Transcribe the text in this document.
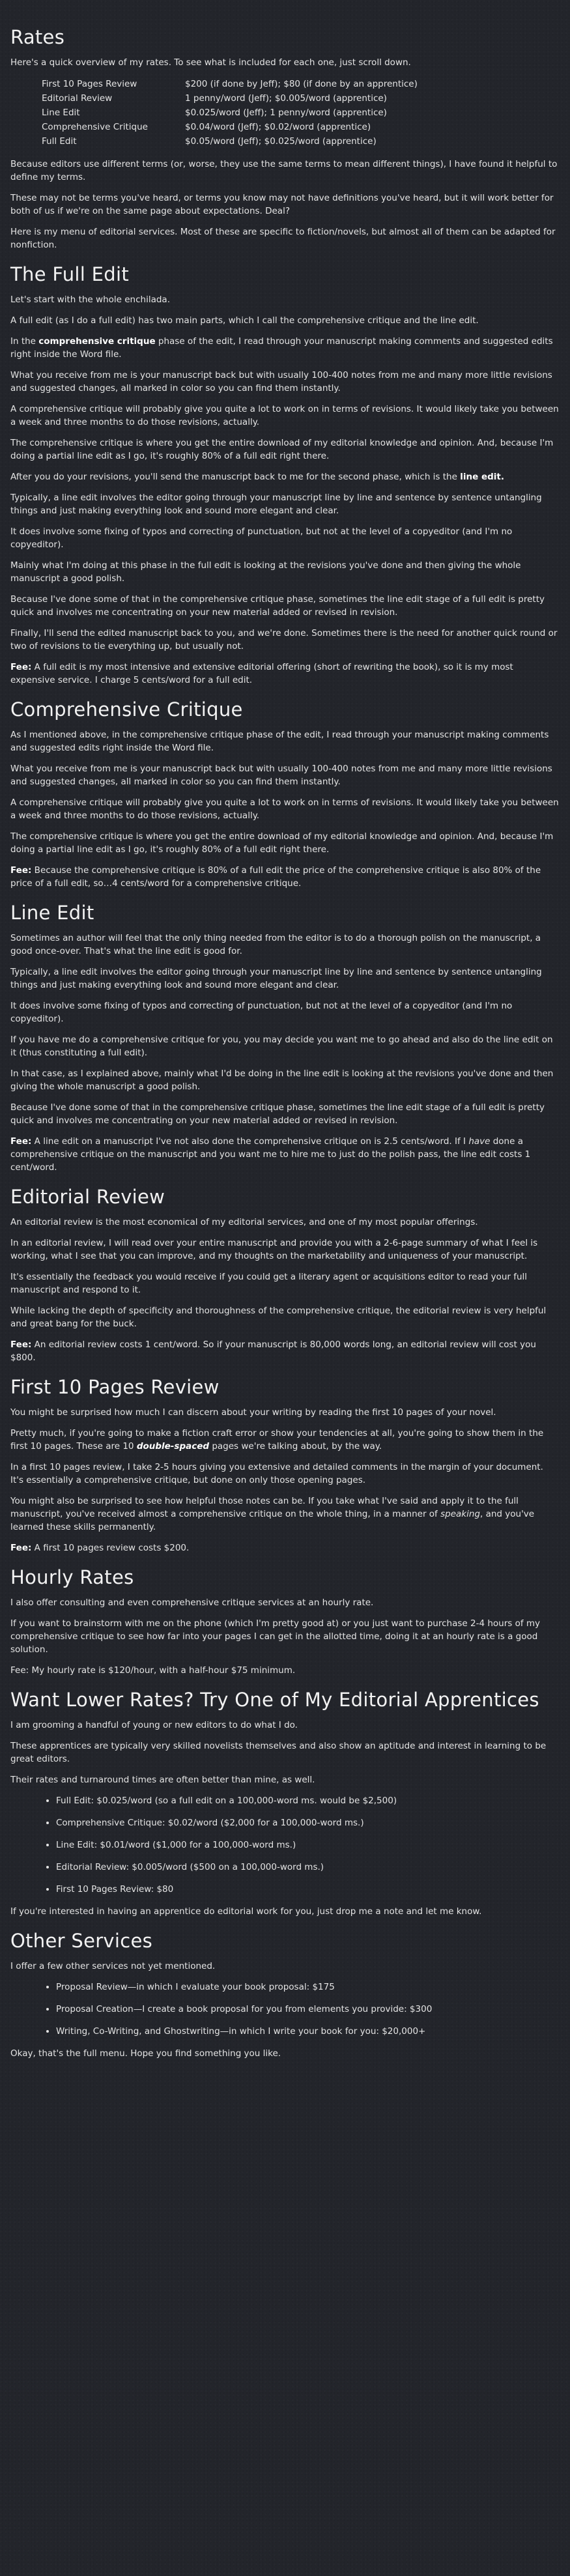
Rates

Here's a quick overview of my rates. To see what is included for each one, just scroll down.

First 10 Pages Review	$200 (if done by Jeff); $80 (if done by an apprentice)
Editorial Review	1 penny/word (Jeff); $0.005/word (apprentice)
Line Edit	$0.025/word (Jeff); 1 penny/word (apprentice)
Comprehensive Critique	$0.04/word (Jeff); $0.02/word (apprentice)
Full Edit	$0.05/word (Jeff); $0.025/word (apprentice)

Because editors use different terms (or, worse, they use the same terms to mean different things), I have found it helpful to define my terms.

These may not be terms you've heard, or terms you know may not have definitions you've heard, but it will work better for both of us if we're on the same page about expectations. Deal?

Here is my menu of editorial services. Most of these are specific to fiction/novels, but almost all of them can be adapted for nonfiction.

The Full Edit

Let's start with the whole enchilada.

A full edit (as I do a full edit) has two main parts, which I call the comprehensive critique and the line edit.

In the comprehensive critique phase of the edit, I read through your manuscript making comments and suggested edits right inside the Word file.

What you receive from me is your manuscript back but with usually 100-400 notes from me and many more little revisions and suggested changes, all marked in color so you can find them instantly.

A comprehensive critique will probably give you quite a lot to work on in terms of revisions. It would likely take you between a week and three months to do those revisions, actually.

The comprehensive critique is where you get the entire download of my editorial knowledge and opinion. And, because I'm doing a partial line edit as I go, it's roughly 80% of a full edit right there.

After you do your revisions, you'll send the manuscript back to me for the second phase, which is the line edit.

Typically, a line edit involves the editor going through your manuscript line by line and sentence by sentence untangling things and just making everything look and sound more elegant and clear.

It does involve some fixing of typos and correcting of punctuation, but not at the level of a copyeditor (and I'm no copyeditor).

Mainly what I'm doing at this phase in the full edit is looking at the revisions you've done and then giving the whole manuscript a good polish.

Because I've done some of that in the comprehensive critique phase, sometimes the line edit stage of a full edit is pretty quick and involves me concentrating on your new material added or revised in revision.

Finally, I'll send the edited manuscript back to you, and we're done. Sometimes there is the need for another quick round or two of revisions to tie everything up, but usually not.

Fee: A full edit is my most intensive and extensive editorial offering (short of rewriting the book), so it is my most expensive service. I charge 5 cents/word for a full edit.

Comprehensive Critique

As I mentioned above, in the comprehensive critique phase of the edit, I read through your manuscript making comments and suggested edits right inside the Word file.

What you receive from me is your manuscript back but with usually 100-400 notes from me and many more little revisions and suggested changes, all marked in color so you can find them instantly.

A comprehensive critique will probably give you quite a lot to work on in terms of revisions. It would likely take you between a week and three months to do those revisions, actually.

The comprehensive critique is where you get the entire download of my editorial knowledge and opinion. And, because I'm doing a partial line edit as I go, it's roughly 80% of a full edit right there.

Fee: Because the comprehensive critique is 80% of a full edit the price of the comprehensive critique is also 80% of the price of a full edit, so…4 cents/word for a comprehensive critique.

Line Edit

Sometimes an author will feel that the only thing needed from the editor is to do a thorough polish on the manuscript, a good once-over. That's what the line edit is good for.

Typically, a line edit involves the editor going through your manuscript line by line and sentence by sentence untangling things and just making everything look and sound more elegant and clear.

It does involve some fixing of typos and correcting of punctuation, but not at the level of a copyeditor (and I'm no copyeditor).

If you have me do a comprehensive critique for you, you may decide you want me to go ahead and also do the line edit on it (thus constituting a full edit).

In that case, as I explained above, mainly what I'd be doing in the line edit is looking at the revisions you've done and then giving the whole manuscript a good polish.

Because I've done some of that in the comprehensive critique phase, sometimes the line edit stage of a full edit is pretty quick and involves me concentrating on your new material added or revised in revision.

Fee: A line edit on a manuscript I've not also done the comprehensive critique on is 2.5 cents/word. If I have done a comprehensive critique on the manuscript and you want me to hire me to just do the polish pass, the line edit costs 1 cent/word.

Editorial Review

An editorial review is the most economical of my editorial services, and one of my most popular offerings.

In an editorial review, I will read over your entire manuscript and provide you with a 2-6-page summary of what I feel is working, what I see that you can improve, and my thoughts on the marketability and uniqueness of your manuscript.

It's essentially the feedback you would receive if you could get a literary agent or acquisitions editor to read your full manuscript and respond to it.

While lacking the depth of specificity and thoroughness of the comprehensive critique, the editorial review is very helpful and great bang for the buck.

Fee: An editorial review costs 1 cent/word. So if your manuscript is 80,000 words long, an editorial review will cost you $800.

First 10 Pages Review

You might be surprised how much I can discern about your writing by reading the first 10 pages of your novel.

Pretty much, if you're going to make a fiction craft error or show your tendencies at all, you're going to show them in the first 10 pages. These are 10 double-spaced pages we're talking about, by the way.

In a first 10 pages review, I take 2-5 hours giving you extensive and detailed comments in the margin of your document. It's essentially a comprehensive critique, but done on only those opening pages.

You might also be surprised to see how helpful those notes can be. If you take what I've said and apply it to the full manuscript, you've received almost a comprehensive critique on the whole thing, in a manner of speaking, and you've learned these skills permanently.

Fee: A first 10 pages review costs $200.

Hourly Rates

I also offer consulting and even comprehensive critique services at an hourly rate.

If you want to brainstorm with me on the phone (which I'm pretty good at) or you just want to purchase 2-4 hours of my comprehensive critique to see how far into your pages I can get in the allotted time, doing it at an hourly rate is a good solution.

Fee: My hourly rate is $120/hour, with a half-hour $75 minimum.

Want Lower Rates? Try One of My Editorial Apprentices

I am grooming a handful of young or new editors to do what I do.

These apprentices are typically very skilled novelists themselves and also show an aptitude and interest in learning to be great editors.

Their rates and turnaround times are often better than mine, as well.

• Full Edit: $0.025/word (so a full edit on a 100,000-word ms. would be $2,500)
• Comprehensive Critique: $0.02/word ($2,000 for a 100,000-word ms.)
• Line Edit: $0.01/word ($1,000 for a 100,000-word ms.)
• Editorial Review: $0.005/word ($500 on a 100,000-word ms.)
• First 10 Pages Review: $80

If you're interested in having an apprentice do editorial work for you, just drop me a note and let me know.

Other Services

I offer a few other services not yet mentioned.

• Proposal Review—in which I evaluate your book proposal: $175
• Proposal Creation—I create a book proposal for you from elements you provide: $300
• Writing, Co-Writing, and Ghostwriting—in which I write your book for you: $20,000+

Okay, that's the full menu. Hope you find something you like.
